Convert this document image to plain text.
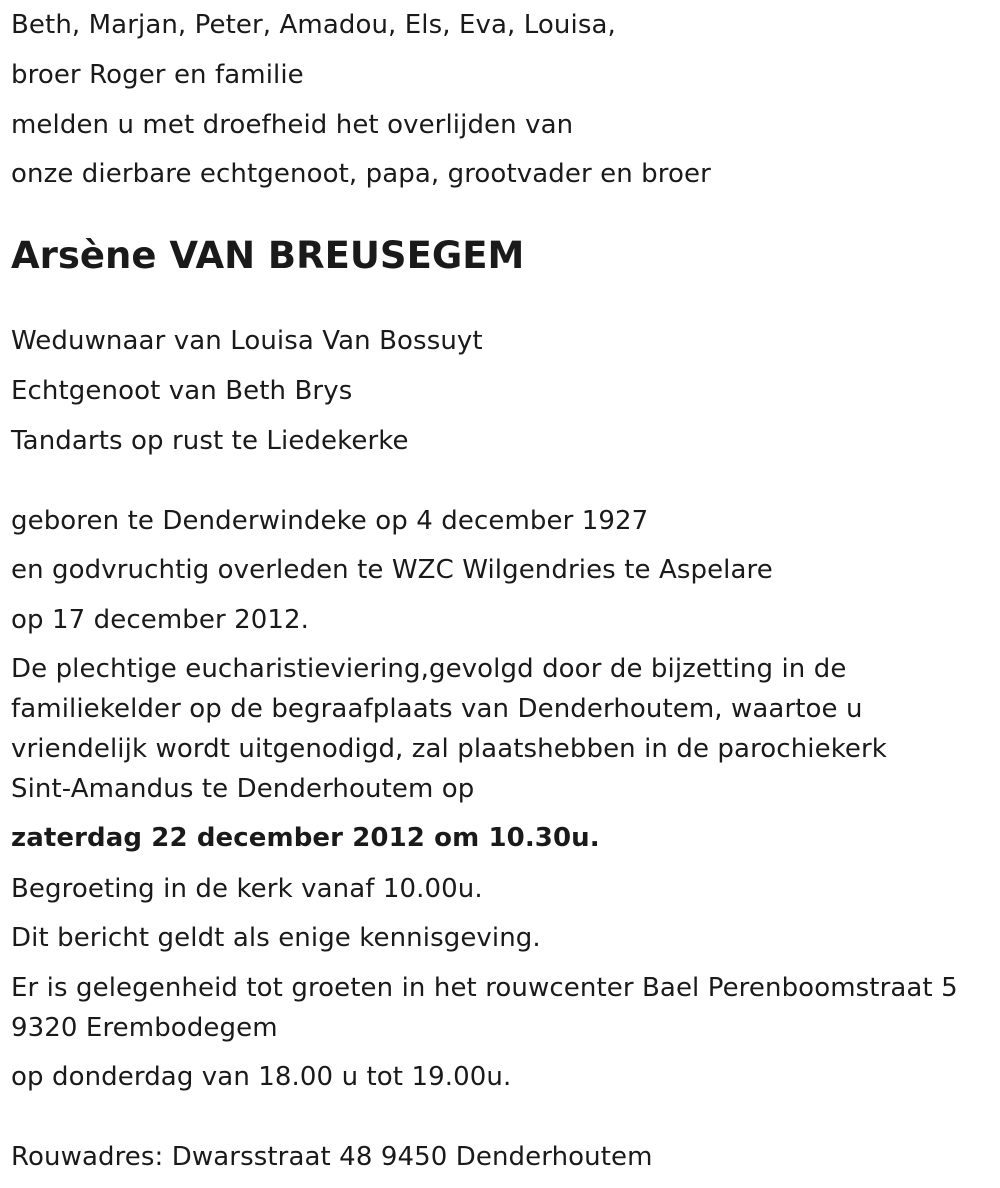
Beth, Marjan, Peter, Amadou, Els, Eva, Louisa,
broer Roger en familie
melden u met droefheid het overlijden van
onze dierbare echtgenoot, papa, grootvader en broer
Arsène VAN BREUSEGEM
Weduwnaar van Louisa Van Bossuyt
Echtgenoot van Beth Brys
Tandarts op rust te Liedekerke
geboren te Denderwindeke op 4 december 1927
en godvruchtig overleden te WZC Wilgendries te Aspelare
op 17 december 2012.
De plechtige eucharistieviering,gevolgd door de bijzetting in de
familiekelder op de begraafplaats van Denderhoutem, waartoe u
vriendelijk wordt uitgenodigd, zal plaatshebben in de parochiekerk
Sint-Amandus te Denderhoutem op
zaterdag 22 december 2012 om 10.30u.
Begroeting in de kerk vanaf 10.00u.
Dit bericht geldt als enige kennisgeving.
Er is gelegenheid tot groeten in het rouwcenter Bael Perenboomstraat 5
9320 Erembodegem
op donderdag van 18.00 u tot 19.00u.
Rouwadres: Dwarsstraat 48 9450 Denderhoutem
